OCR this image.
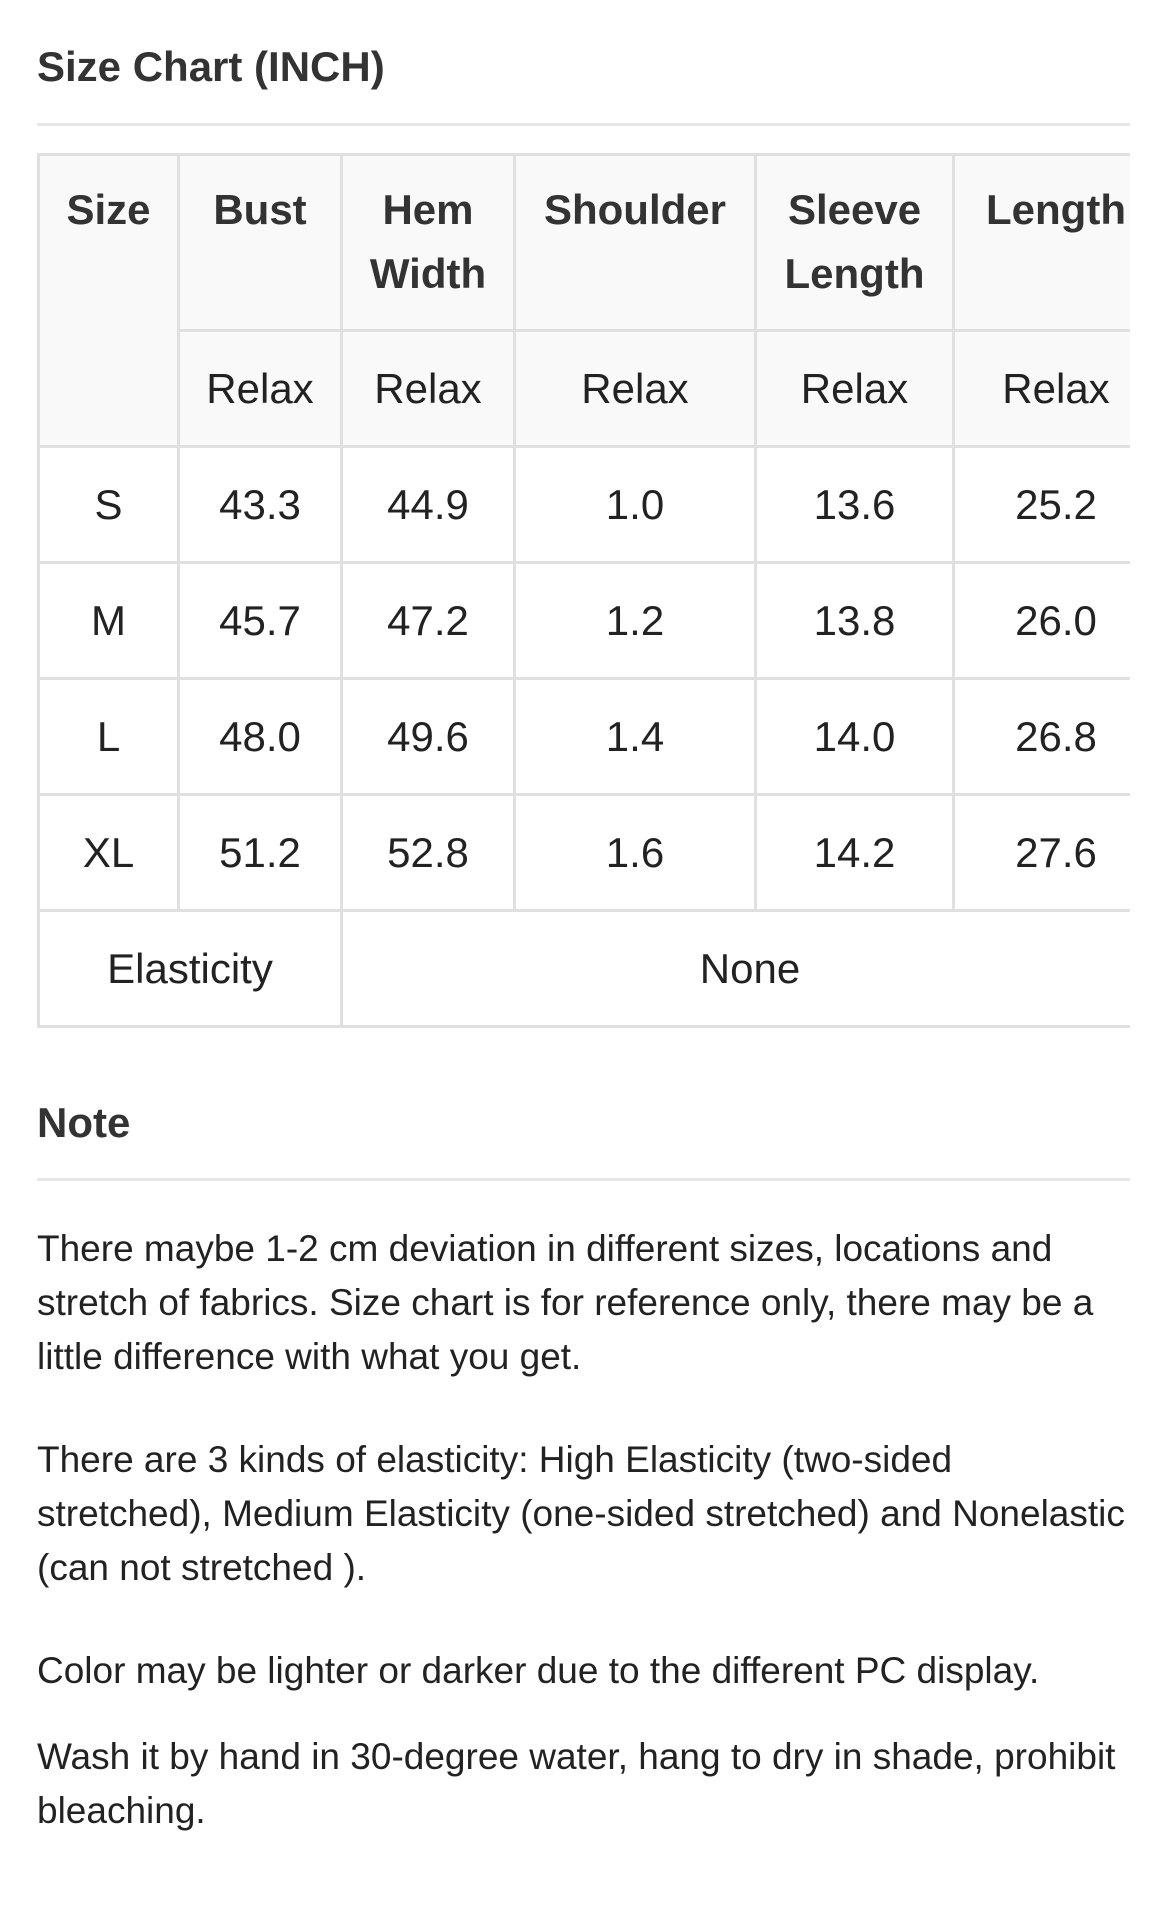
Size Chart (INCH)
Size	Bust	Hem Width	Shoulder	Sleeve Length	Length
	Relax	Relax	Relax	Relax	Relax
S	43.3	44.9	1.0	13.6	25.2
M	45.7	47.2	1.2	13.8	26.0
L	48.0	49.6	1.4	14.0	26.8
XL	51.2	52.8	1.6	14.2	27.6
Elasticity		None			
Note

There maybe 1-2 cm deviation in different sizes, locations and stretch of fabrics. Size chart is for reference only, there may be a little difference with what you get.

There are 3 kinds of elasticity: High Elasticity (two-sided stretched), Medium Elasticity (one-sided stretched) and Nonelastic (can not stretched ).

Color may be lighter or darker due to the different PC display.

Wash it by hand in 30-degree water, hang to dry in shade, prohibit bleaching.
